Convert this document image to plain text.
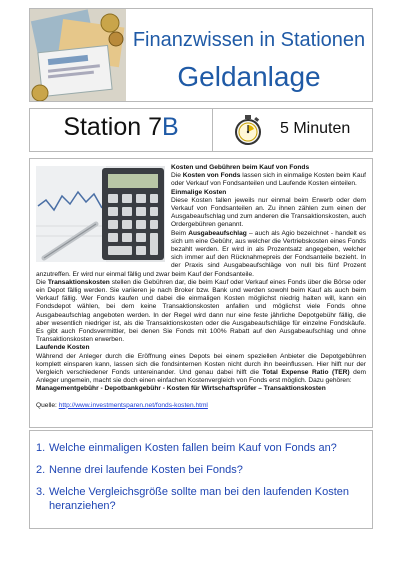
Finanzwissen in Stationen
Geldanlage
Station 7B	5 Minuten

Kosten und Gebühren beim Kauf von Fonds

Die Kosten von Fonds lassen sich in einmalige Kosten beim Kauf oder Verkauf von Fondsanteilen und Laufende Kosten einteilen.

Einmalige Kosten

Diese Kosten fallen jeweils nur einmal beim Erwerb oder dem Verkauf von Fondsanteilen an. Zu ihnen zählen zum einen der Ausgabeaufschlag und zum anderen die Transaktionskosten, auch Ordergebühren genannt.

Beim Ausgabeaufschlag – auch als Agio bezeichnet - handelt es sich um eine Gebühr, aus welcher die Vertriebskosten eines Fonds bezahlt werden. Er wird in als Prozentsatz angegeben, welcher sich immer auf den Rücknahmepreis der Fondsanteile bezieht. In der Praxis sind Ausgabeaufschläge von null bis fünf Prozent anzutreffen. Er wird nur einmal fällig und zwar beim Kauf der Fondsanteile.

Die Transaktionskosten stellen die Gebühren dar, die beim Kauf oder Verkauf eines Fonds über die Börse oder ein Depot fällig werden. Sie variieren je nach Broker bzw. Bank und werden sowohl beim Kauf als auch beim Verkauf fällig. Wer Fonds kaufen und dabei die einmaligen Kosten möglichst niedrig halten will, kann ein Fondsdepot wählen, bei dem keine Transaktionskosten anfallen und möglichst viele Fonds ohne Ausgabeaufschlag angeboten werden. In der Regel wird dann nur eine feste jährliche Depotgebühr fällig, die aber wesentlich niedriger ist, als die Transaktionskosten oder die Ausgabeaufschläge für einzelne Fondskäufe. Es gibt auch Fondsvermittler, bei denen Sie Fonds mit 100% Rabatt auf den Ausgabeaufschlag und ohne Transaktionskosten erwerben.

Laufende Kosten

Während der Anleger durch die Eröffnung eines Depots bei einem speziellen Anbieter die Depotgebühren komplett einsparen kann, lassen sich die fondsinternen Kosten nicht durch ihn beeinflussen. Hier hilft nur der Vergleich verschiedener Fonds untereinander. Und genau dabei hilft die Total Expense Ratio (TER) dem Anleger ungemein, macht sie doch einen einfachen Kostenvergleich von Fonds erst möglich. Dazu gehören:

Managementgebühr - Depotbankgebühr - Kosten für Wirtschaftsprüfer – Transaktionskosten

Quelle: http://www.investmentsparen.net/fonds-kosten.html

1. Welche einmaligen Kosten fallen beim Kauf von Fonds an?
2. Nenne drei laufende Kosten bei Fonds?
3. Welche Vergleichsgröße sollte man bei den laufenden Kosten heranziehen?
